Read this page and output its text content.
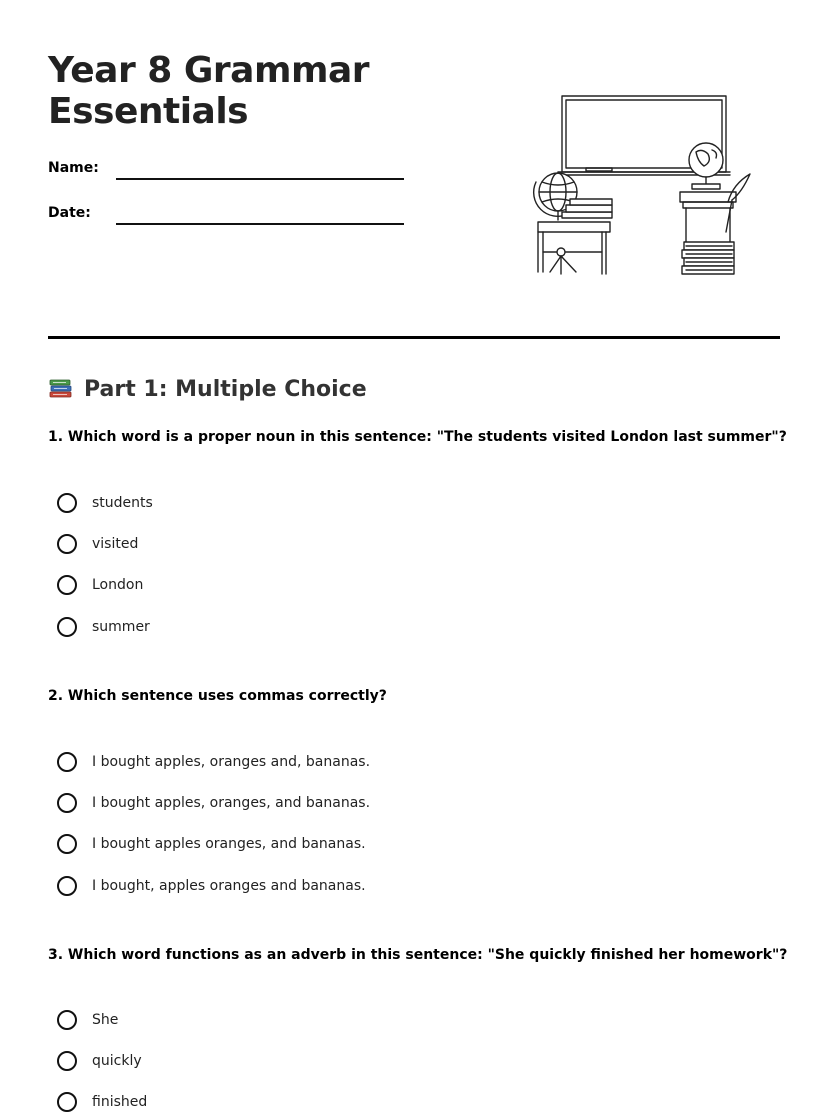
Year 8 Grammar Essentials
Name:
Date:
Part 1: Multiple Choice
1. Which word is a proper noun in this sentence: "The students visited London last summer"?
students
visited
London
summer
2. Which sentence uses commas correctly?
I bought apples, oranges and, bananas.
I bought apples, oranges, and bananas.
I bought apples oranges, and bananas.
I bought, apples oranges and bananas.
3. Which word functions as an adverb in this sentence: "She quickly finished her homework"?
She
quickly
finished
